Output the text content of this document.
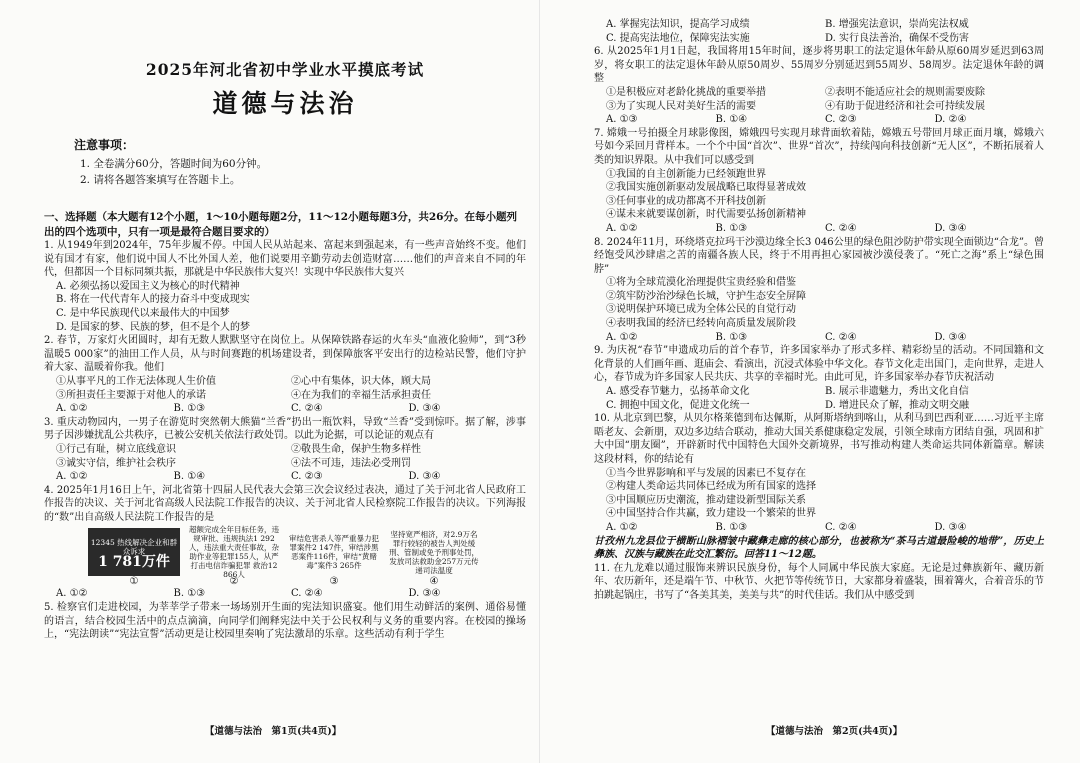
2025年河北省初中学业水平摸底考试
道德与法治
注意事项：
1. 全卷满分60分，答题时间为60分钟。
2. 请将各题答案填写在答题卡上。
一、选择题（本大题有12个小题，1～10小题每题2分，11～12小题每题3分，共26分。在每小题列出的四个选项中，只有一项是最符合题目要求的）
1. 从1949年到2024年，75年步履不停。中国人民从站起来、富起来到强起来，有一些声音始终不变。他们说有国才有家，他们说中国人不比外国人差，他们说要用辛勤劳动去创造财富……他们的声音来自不同的年代，但都因一个目标同频共振，那就是中华民族伟大复兴！实现中华民族伟大复兴
A. 必须弘扬以爱国主义为核心的时代精神
B. 将在一代代青年人的接力奋斗中变成现实
C. 是中华民族现代以来最伟大的中国梦
D. 是国家的梦、民族的梦，但不是个人的梦
2. 春节，万家灯火团圆时，却有无数人默默坚守在岗位上。从保障铁路春运的火车头“血液化验师”，到“3秒温暖5 000家”的油田工作人员，从与时间赛跑的机场建设者，到保障旅客平安出行的边检站民警，他们守护着大家、温暖着你我。他们
①从事平凡的工作无法体现人生价值	②心中有集体，识大体，顾大局
③所担责任主要源于对他人的承诺	④在为我们的幸福生活承担责任
A. ①②	B. ①③	C. ②④	D. ③④
3. 重庆动物园内，一男子在游览时突然朝大熊猫“兰香”扔出一瓶饮料，导致“兰香”受到惊吓。据了解，涉事男子因涉嫌扰乱公共秩序，已被公安机关依法行政处罚。以此为论据，可以论证的观点有
①行己有耻，树立底线意识	②敬畏生命，保护生物多样性
③诚实守信，维护社会秩序	④法不可违，违法必受刑罚
A. ①②	B. ①④	C. ②③	D. ③④
4. 2025年1月16日上午，河北省第十四届人民代表大会第三次会议经过表决，通过了关于河北省人民政府工作报告的决议、关于河北省高级人民法院工作报告的决议、关于河北省人民检察院工作报告的决议。下列海报的“数”出自高级人民法院工作报告的是
12345 热线解决企业和群众诉求
1 781万件
超额完成全年目标任务，违规审批、违规执法1 292人，违法重大责任事故，杂助作业等犯罪155人，从严打击电信诈骗犯罪 救治12 866人
审结危害杀人等严重暴力犯罪案件2 147件，审结涉黑恶案件116件，审结“黄赌毒”案件3 265件
坚持宽严相济，对2.9万名罪行较轻的被告人判处缓刑、管制或免予刑事处罚，发放司法救助金257万元传递司法温度
①	②	③	④
A. ①②	B. ①③	C. ②④	D. ③④
5. 检察官们走进校园，为莘莘学子带来一场场别开生面的宪法知识盛宴。他们用生动鲜活的案例、通俗易懂的语言，结合校园生活中的点点滴滴，向同学们阐释宪法中关于公民权利与义务的重要内容。在校园的操场上，“宪法朗读”“宪法宣誓”活动更是让校园里奏响了宪法激昂的乐章。这些活动有利于学生
【道德与法治　第1页(共4页)】
A. 掌握宪法知识，提高学习成绩	B. 增强宪法意识，崇尚宪法权威
C. 提高宪法地位，保障宪法实施	D. 实行良法善治，确保不受伤害
6. 从2025年1月1日起，我国将用15年时间，逐步将男职工的法定退休年龄从原60周岁延迟到63周岁，将女职工的法定退休年龄从原50周岁、55周岁分别延迟到55周岁、58周岁。法定退休年龄的调整
①是积极应对老龄化挑战的重要举措	②表明不能适应社会的规则需要废除
③为了实现人民对美好生活的需要	④有助于促进经济和社会可持续发展
A. ①③	B. ①④	C. ②③	D. ②④
7. 嫦娥一号拍摄全月球影像图，嫦娥四号实现月球背面软着陆，嫦娥五号带回月球正面月壤，嫦娥六号如今采回月背样本。一个个中国“首次”、世界“首次”，持续闯向科技创新“无人区”，不断拓展着人类的知识界限。从中我们可以感受到
①我国的自主创新能力已经领跑世界
②我国实施创新驱动发展战略已取得显著成效
③任何事业的成功都离不开科技创新
④谋未来就要谋创新，时代需要弘扬创新精神
A. ①②	B. ①③	C. ②④	D. ③④
8. 2024年11月，环绕塔克拉玛干沙漠边缘全长3 046公里的绿色阻沙防护带实现全面锁边“合龙”。曾经饱受风沙肆虐之苦的南疆各族人民，终于不用再担心家园被沙漠侵袭了。“死亡之海”系上“绿色围脖”
①将为全球荒漠化治理提供宝贵经验和借鉴
②筑牢防沙治沙绿色长城，守护生态安全屏障
③说明保护环境已成为全体公民的自觉行动
④表明我国的经济已经转向高质量发展阶段
A. ①②	B. ①③	C. ②④	D. ③④
9. 为庆祝“春节”申遗成功后的首个春节，许多国家举办了形式多样、精彩纷呈的活动。不同国籍和文化背景的人们画年画、逛庙会、看演出，沉浸式体验中华文化。春节文化走出国门，走向世界，走进人心，春节成为许多国家人民共庆、共享的幸福时光。由此可见，许多国家举办春节庆祝活动
A. 感受春节魅力，弘扬革命文化	B. 展示非遗魅力，秀出文化自信
C. 拥抱中国文化，促进文化统一	D. 增进民众了解，推动文明交融
10. 从北京到巴黎，从贝尔格莱德到布达佩斯，从阿斯塔纳到喀山，从利马到巴西利亚……习近平主席晤老友、会新朋，双边多边结合联动，推动大国关系健康稳定发展，引领全球南方团结自强，巩固和扩大中国“朋友圈”，开辟新时代中国特色大国外交新境界，书写推动构建人类命运共同体新篇章。解读这段材料，你的结论有
①当今世界影响和平与发展的因素已不复存在
②构建人类命运共同体已经成为所有国家的选择
③中国顺应历史潮流，推动建设新型国际关系
④中国坚持合作共赢，致力建设一个繁荣的世界
A. ①②	B. ①③	C. ②④	D. ③④
甘孜州九龙县位于横断山脉褶皱中藏彝走廊的核心部分，也被称为“茶马古道最险峻的地带”，历史上彝族、汉族与藏族在此交汇繁衍。回答11～12题。
11. 在九龙难以通过服饰来辨识民族身份，每个人同属中华民族大家庭。无论是过彝族新年、藏历新年、农历新年，还是端午节、中秋节、火把节等传统节日，大家都身着盛装，围着篝火，合着音乐的节拍跳起锅庄，书写了“各美其美，美美与共”的时代佳话。我们从中感受到
【道德与法治　第2页(共4页)】
